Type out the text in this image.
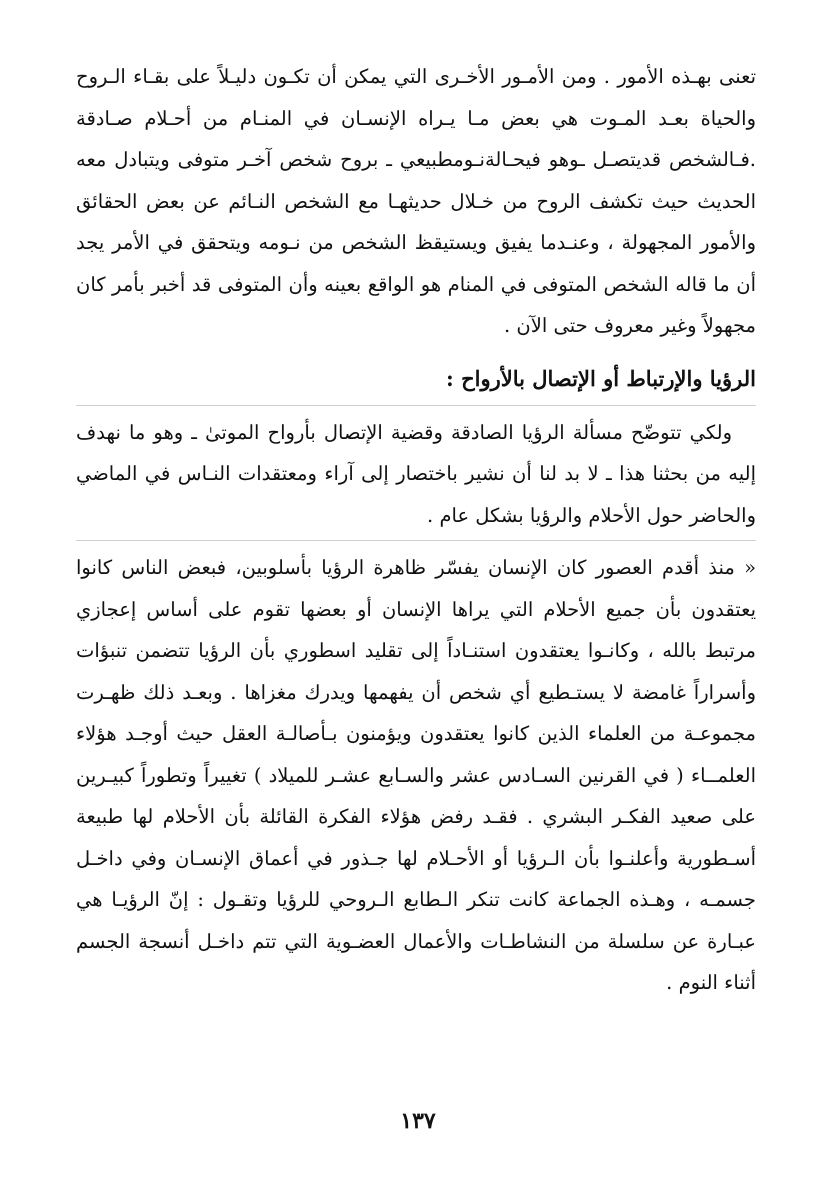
تعنى بهـذه الأمور . ومن الأمـور الأخـرى التي يمكن أن تكـون دليـلاً على بقـاء الـروح والحياة بعـد المـوت هي بعض مـا يـراه الإنسـان في المنـام من أحـلام صـادقة .فـالشخص قديتصـل ـوهو فيحـالةنـومطبيعي ـ بروح شخص آخـر متوفى ويتبادل معه الحديث حيث تكشف الروح من خـلال حديثهـا مع الشخص النـائم عن بعض الحقائق والأمور المجهولة ، وعنـدما يفيق ويستيقظ الشخص من نـومه ويتحقق في الأمر يجد أن ما قاله الشخص المتوفى في المنام هو الواقع بعينه وأن المتوفى قد أخبر بأمر كان مجهولاً وغير معروف حتى الآن .

الرؤيا والإرتباط أو الإتصال بالأرواح :

ولكي تتوضّح مسألة الرؤيا الصادقة وقضية الإتصال بأرواح الموتىٰ ـ وهو ما نهدف إليه من بحثنا هذا ـ لا بد لنا أن نشير باختصار إلى آراء ومعتقدات النـاس في الماضي والحاضر حول الأحلام والرؤيا بشكل عام .

« منذ أقدم العصور كان الإنسان يفسّر ظاهرة الرؤيا بأسلوبين، فبعض الناس كانوا يعتقدون بأن جميع الأحلام التي يراها الإنسان أو بعضها تقوم على أساس إعجازي مرتبط بالله ، وكانـوا يعتقدون استنـاداً إلى تقليد اسطوري بأن الرؤيا تتضمن تنبؤات وأسراراً غامضة لا يستـطيع أي شخص أن يفهمها ويدرك مغزاها . وبعـد ذلك ظهـرت مجموعـة من العلماء الذين كانوا يعتقدون ويؤمنون بـأصالـة العقل حيث أوجـد هؤلاء العلمــاء ( في القرنين السـادس عشر والسـابع عشـر للميلاد ) تغييراً وتطوراً كبيـرين على صعيد الفكـر البشري . فقـد رفض هؤلاء الفكرة القائلة بأن الأحلام لها طبيعة أسـطورية وأعلنـوا بأن الـرؤيا أو الأحـلام لها جـذور في أعماق الإنسـان وفي داخـل جسمـه ، وهـذه الجماعة كانت تنكر الـطابع الـروحي للرؤيا وتقـول : إنّ الرؤيـا هي عبـارة عن سلسلة من النشاطـات والأعمال العضـوية التي تتم داخـل أنسجة الجسم أثناء النوم .

١٣٧
